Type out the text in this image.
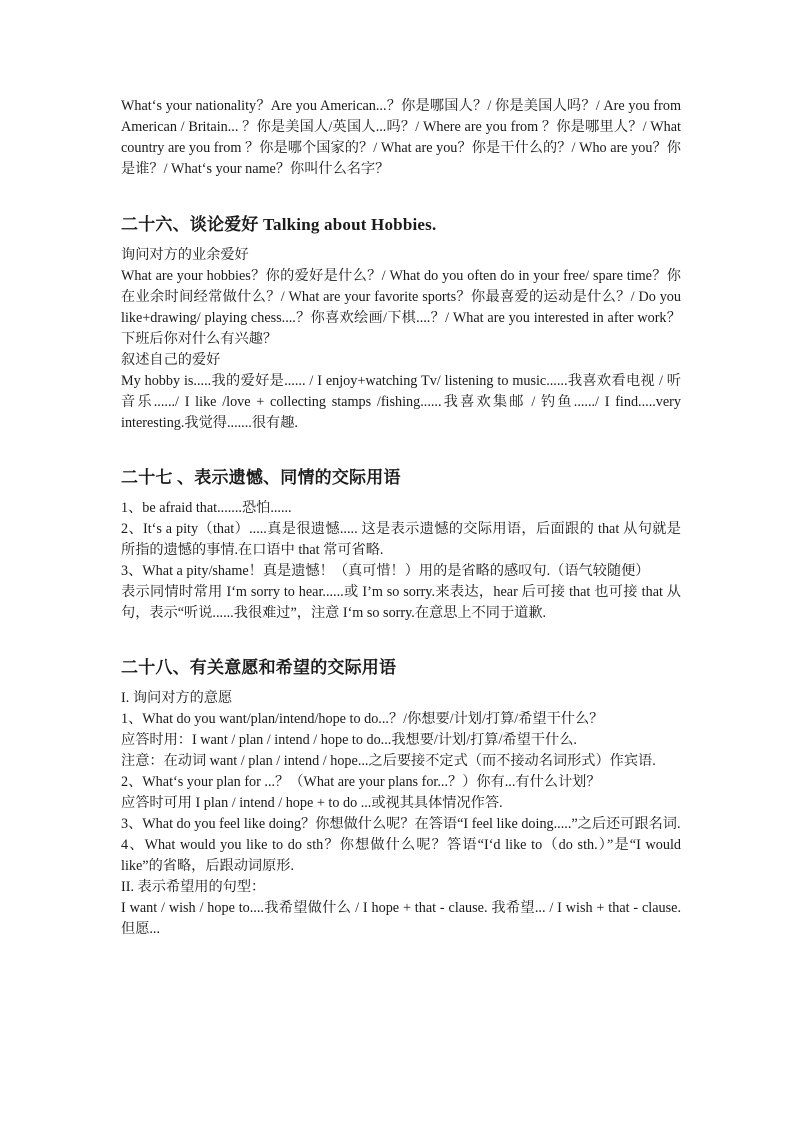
What‘s your nationality？Are you American...？你是哪国人？/ 你是美国人吗？/ Are you from American / Britain... ？你是美国人/英国人...吗？/ Where are you from ？你是哪里人？/ What country are you from ？你是哪个国家的？/ What are you？你是干什么的？/ Who are you？你是谁？/ What‘s your name？你叫什么名字？

二十六、谈论爱好 Talking about Hobbies.

询问对方的业余爱好

What are your hobbies？你的爱好是什么？/ What do you often do in your free/ spare time？你在业余时间经常做什么？/ What are your favorite sports？你最喜爱的运动是什么？/ Do you like+drawing/ playing chess....？你喜欢绘画/下棋....？/ What are you interested in after work？下班后你对什么有兴趣？

叙述自己的爱好

My hobby is.....我的爱好是...... / I enjoy+watching Tv/ listening to music......我喜欢看电视 / 听音乐....../ I like /love + collecting stamps /fishing......我喜欢集邮 / 钓鱼....../ I find.....very interesting.我觉得.......很有趣.

二十七 、表示遗憾、同情的交际用语

1、be afraid that.......恐怕......

2、It‘s a pity（that）.....真是很遗憾..... 这是表示遗憾的交际用语，后面跟的 that 从句就是所指的遗憾的事情.在口语中 that 常可省略.

3、What a pity/shame！真是遗憾！（真可惜！）用的是省略的感叹句.（语气较随便）

表示同情时常用 I‘m sorry to hear......或 I’m so sorry.来表达，hear 后可接 that 也可接 that 从句，表示“听说......我很难过”，注意 I‘m so sorry.在意思上不同于道歉.

二十八、有关意愿和希望的交际用语

I. 询问对方的意愿

1、What do you want/plan/intend/hope to do...？/你想要/计划/打算/希望干什么？

应答时用：I want / plan / intend / hope to do...我想要/计划/打算/希望干什么.

注意：在动词 want / plan / intend / hope...之后要接不定式（而不接动名词形式）作宾语.

2、What‘s your plan for ...？（What are your plans for...？）你有...有什么计划？

应答时可用 I plan / intend / hope + to do ...或视其具体情况作答.

3、What do you feel like doing？你想做什么呢？在答语“I feel like doing.....”之后还可跟名词.

4、What would you like to do sth？你想做什么呢？答语“I‘d like to（do sth.）”是“I would like”的省略，后跟动词原形.

II. 表示希望用的句型：

I want / wish / hope to....我希望做什么 / I hope + that - clause. 我希望... / I wish + that - clause.但愿...
